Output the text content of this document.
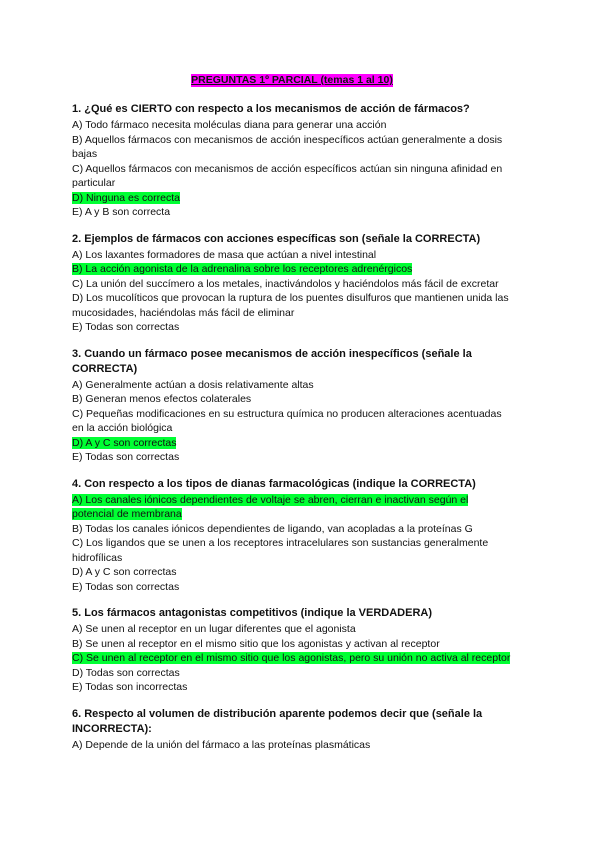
PREGUNTAS 1º PARCIAL (temas 1 al 10)
1. ¿Qué es CIERTO con respecto a los mecanismos de acción de fármacos?
A) Todo fármaco necesita moléculas diana para generar una acción
B) Aquellos fármacos con mecanismos de acción inespecíficos actúan generalmente a dosis bajas
C) Aquellos fármacos con mecanismos de acción específicos actúan sin ninguna afinidad en particular
D) Ninguna es correcta
E) A y B son correcta
2. Ejemplos de fármacos con acciones específicas son (señale la CORRECTA)
A) Los laxantes formadores de masa que actúan a nivel intestinal
B) La acción agonista de la adrenalina sobre los receptores adrenérgicos
C) La unión del succímero a los metales, inactivándolos y haciéndolos más fácil de excretar
D) Los mucolíticos que provocan la ruptura de los puentes disulfuros que mantienen unida las mucosidades, haciéndolas más fácil de eliminar
E) Todas son correctas
3. Cuando un fármaco posee mecanismos de acción inespecíficos (señale la CORRECTA)
A) Generalmente actúan a dosis relativamente altas
B) Generan menos efectos colaterales
C) Pequeñas modificaciones en su estructura química no producen alteraciones acentuadas en la acción biológica
D) A y C son correctas
E) Todas son correctas
4. Con respecto a los tipos de dianas farmacológicas (indique la CORRECTA)
A) Los canales iónicos dependientes de voltaje se abren, cierran e inactivan según el potencial de membrana
B) Todas los canales iónicos dependientes de ligando, van acopladas a la proteínas G
C) Los ligandos que se unen a los receptores intracelulares son sustancias generalmente hidrofílicas
D) A y C son correctas
E) Todas son correctas
5. Los fármacos antagonistas competitivos (indique la VERDADERA)
A) Se unen al receptor en un lugar diferentes que el agonista
B) Se unen al receptor en el mismo sitio que los agonistas y activan al receptor
C) Se unen al receptor en el mismo sitio que los agonistas, pero su unión no activa al receptor
D) Todas son correctas
E) Todas son incorrectas
6. Respecto al volumen de distribución aparente podemos decir que (señale la INCORRECTA):
A) Depende de la unión del fármaco a las proteínas plasmáticas
